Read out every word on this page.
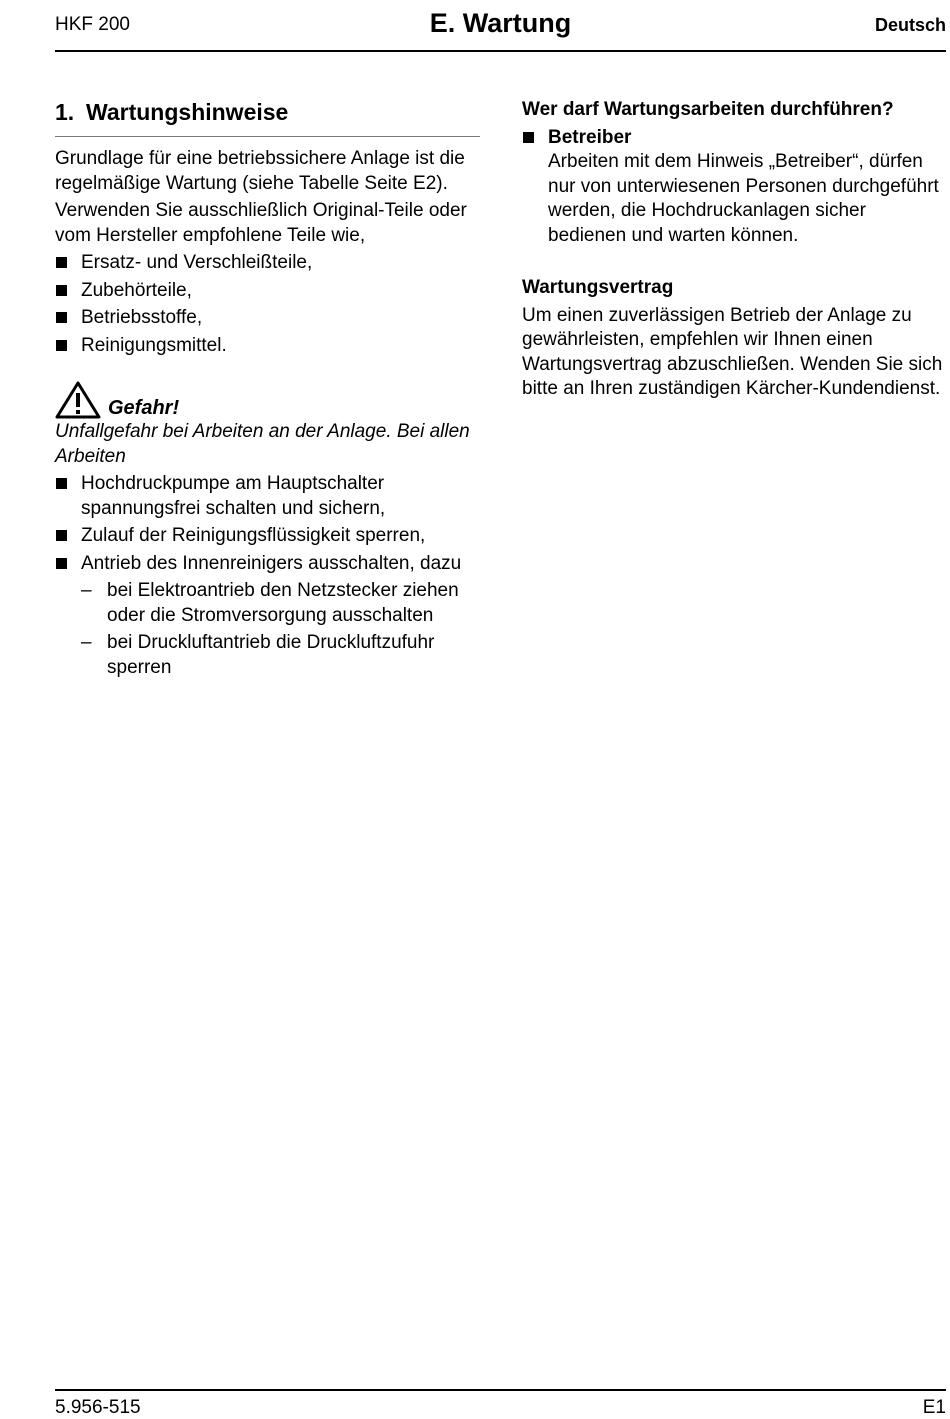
HKF 200	E. Wartung	Deutsch
1. Wartungshinweise

Grundlage für eine betriebssichere Anlage ist die regelmäßige Wartung (siehe Tabelle Seite E2).

Verwenden Sie ausschließlich Original-Teile oder vom Hersteller empfohlene Teile wie,

Ersatz- und Verschleißteile,
Zubehörteile,
Betriebsstoffe,
Reinigungsmittel.
Gefahr!

Unfallgefahr bei Arbeiten an der Anlage. Bei allen Arbeiten

Hochdruckpumpe am Hauptschalter spannungsfrei schalten und sichern,
Zulauf der Reinigungsflüssigkeit sperren,
Antrieb des Innenreinigers ausschalten, dazu
– bei Elektroantrieb den Netzstecker ziehen oder die Stromversorgung ausschalten
– bei Druckluftantrieb die Druckluftzufuhr sperren

Wer darf Wartungsarbeiten durchführen?

Betreiber
Arbeiten mit dem Hinweis „Betreiber“, dürfen nur von unterwiesenen Personen durchgeführt werden, die Hochdruckanlagen sicher bedienen und warten können.

Wartungsvertrag

Um einen zuverlässigen Betrieb der Anlage zu gewährleisten, empfehlen wir Ihnen einen Wartungsvertrag abzuschließen. Wenden Sie sich bitte an Ihren zuständigen Kärcher-Kundendienst.

5.956-515	E1
